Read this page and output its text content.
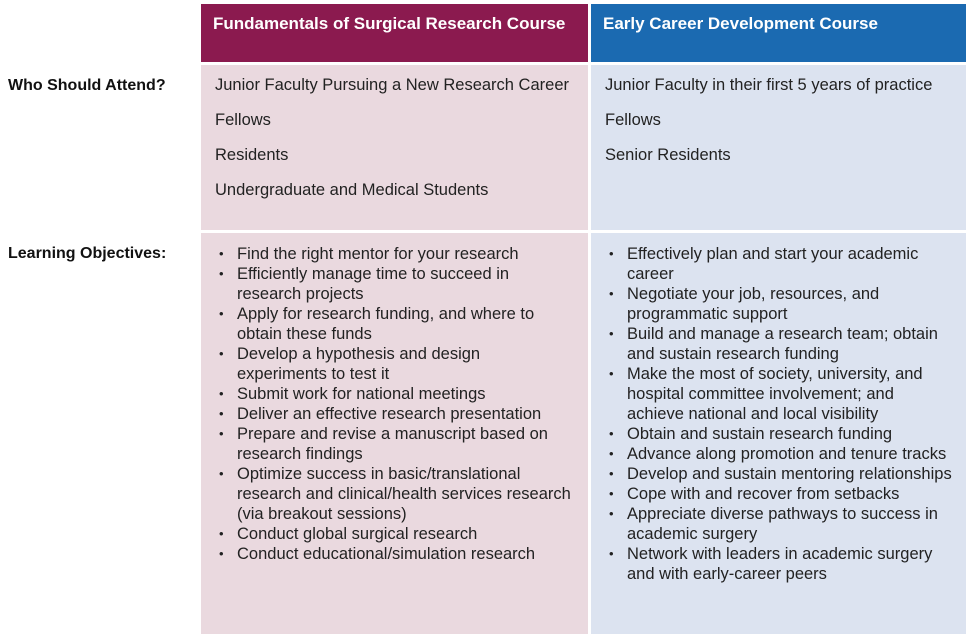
Fundamentals of Surgical Research Course	Early Career Development Course
Who Should Attend?
Learning Objectives:
Junior Faculty Pursuing a New Research Career
Fellows
Residents
Undergraduate and Medical Students
Junior Faculty in their first 5 years of practice
Fellows
Senior Residents
• Find the right mentor for your research
• Efficiently manage time to succeed in research projects
• Apply for research funding, and where to obtain these funds
• Develop a hypothesis and design experiments to test it
• Submit work for national meetings
• Deliver an effective research presentation
• Prepare and revise a manuscript based on research findings
• Optimize success in basic/translational research and clinical/health services research (via breakout sessions)
• Conduct global surgical research
• Conduct educational/simulation research
• Effectively plan and start your academic career
• Negotiate your job, resources, and programmatic support
• Build and manage a research team; obtain and sustain research funding
• Make the most of society, university, and hospital committee involvement; and achieve national and local visibility
• Obtain and sustain research funding
• Advance along promotion and tenure tracks
• Develop and sustain mentoring relationships
• Cope with and recover from setbacks
• Appreciate diverse pathways to success in academic surgery
• Network with leaders in academic surgery and with early-career peers
